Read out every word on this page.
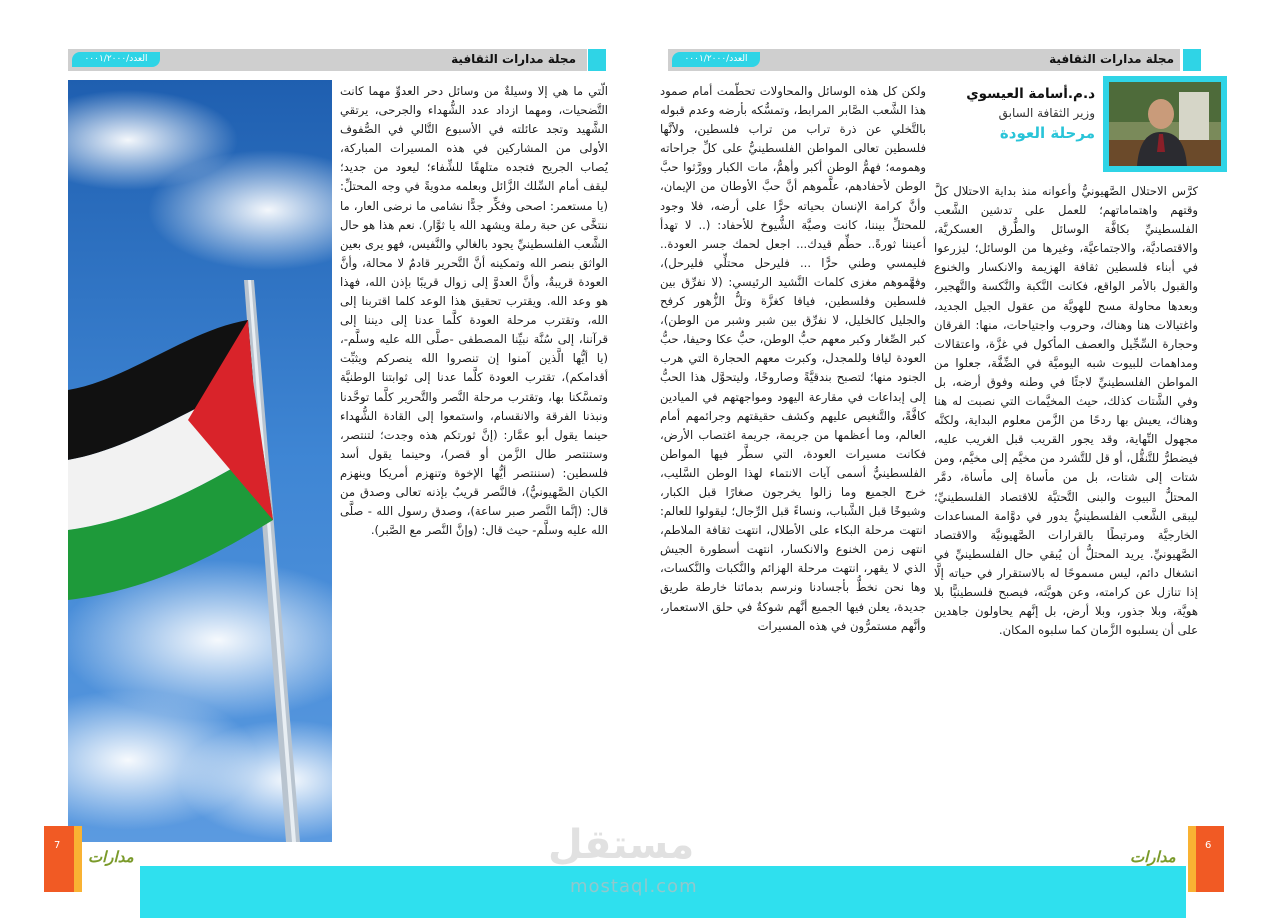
مجلة مدارات الثقافية
العدد/٠٠٠١/٢٠٠٠	مجلة مدارات الثقافية
العدد/٠٠٠١/٢٠٠٠

الَّتي ما هي إلا وسيلةٌ من وسائل دحر العدوِّ مهما كانت التَّضحيات، ومهما ازداد عدد الشُّهداء والجرحى، يرتقي الشَّهيد وتجد عائلته في الأسبوع التَّالي في الصُّفوف الأولى من المشاركين في هذه المسيرات المباركة، يُصاب الجريح فتجده متلهفًا للشِّفاء؛ ليعود من جديد؛ ليقف أمام السِّلك الزَّائل وبعلمه مدويةً في وجه المحتلِّ: (يا مستعمر: اصحى وفكِّر جدًّا نشامى ما نرضى العار، ما ننتخَّى عن حبة رملة ويشهد الله يا ثوَّار). نعم هذا هو حال الشَّعب الفلسطينيِّ يجود بالغالي والنَّفيس، فهو يرى بعين الواثق بنصر الله وتمكينه أنَّ التَّحرير قادمٌ لا محالة، وأنَّ العودة قريبةٌ، وأنَّ العدوَّ إلى زوال قريبًا بإذن الله، فهذا هو وعد الله. ويقترب تحقيق هذا الوعد كلما اقتربنا إلى الله، وتقترب مرحلة العودة كلَّما عدنا إلى ديننا إلى قرآننا، إلى سُنَّة نبيِّنا المصطفى -صلَّى الله عليه وسلَّم-، (يا أيُّها الَّذين آمنوا إن تنصروا الله ينصركم ويثبِّت أقدامكم)، تقترب العودة كلَّما عدنا إلى ثوابتنا الوطنيَّة وتمسَّكنا بها، وتقترب مرحلة النَّصر والتَّحرير كلَّما توحَّدنا ونبذنا الفرقة والانقسام، واستمعوا إلى القادة الشُّهداء حينما يقول أبو عمَّار: (إنَّ ثورتكم هذه وجدت؛ لتنتصر، وستنتصر طال الزَّمن أو قصر)، وحينما يقول أسد فلسطين: (سننتصر أيُّها الإخوة وتنهزم أمريكا وينهزم الكيان الصَّهيونيُّ)، فالنَّصر قريبٌ بإذنه تعالى وصدق من قال: (إنَّما النَّصر صبر ساعة)، وصدق رسول الله - صلَّى الله عليه وسلَّم- حيث قال: (وإنَّ النَّصر مع الصَّبر).

د.م.أسامة العيسوي
وزير الثقافة السابق
مرحلة العودة

كرَّس الاحتلال الصَّهيونيُّ وأعوانه منذ بداية الاحتلال كلَّ وقتهم واهتماماتهم؛ للعمل على تدشين الشَّعب الفلسطينيِّ بكافَّة الوسائل والطُّرق العسكريَّة، والاقتصاديَّة، والاجتماعيَّة، وغيرها من الوسائل؛ ليزرعوا في أبناء فلسطين ثقافة الهزيمة والانكسار والخنوع والقبول بالأمر الواقع، فكانت النَّكبة والنَّكسة والتَّهجير، وبعدها محاولة مسح للهويَّة من عقول الجيل الجديد، واغتيالات هنا وهناك، وحروب واجتياحات، منها: الفرقان وحجارة السِّجِّيل والعصف المأكول في غزَّة، واعتقالات ومداهمات للبيوت شبه اليوميَّة في الضِّفَّة، جعلوا من المواطن الفلسطينيِّ لاجئًا في وطنه وفوق أرضه، بل وفي الشَّتات كذلك، حيث المخيَّمات التي نصبت له هنا وهناك، يعيش بها ردحًا من الزَّمن معلوم البداية، ولكنَّه مجهول النِّهاية، وقد يجور القريب قبل الغريب عليه، فيضطرُّ للتَّنقُّل، أو قل للتَّشرد من مخيَّم إلى مخيَّم، ومن شتات إلى شتات، بل من مأساة إلى مأساة، دمَّر المحتلُّ البيوت والبنى التَّحتيَّة للاقتصاد الفلسطينيِّ؛ ليبقى الشَّعب الفلسطينيُّ يدور في دوَّامة المساعدات الخارجيَّة ومرتبطًا بالقرارات الصَّهيونيَّة والاقتصاد الصَّهيونيِّ. يريد المحتلُّ أن يُبقي حال الفلسطينيِّ في انشغال دائم، ليس مسموحًا له بالاستقرار في حياته إلَّا إذا تنازل عن كرامته، وعن هويَّته، فيصبح فلسطينيًّا بلا هويَّة، وبلا جذور، وبلا أرض، بل إنَّهم يحاولون جاهدين على أن يسلبوه الزَّمان كما سلبوه المكان.

ولكن كل هذه الوسائل والمحاولات تحطَّمت أمام صمود هذا الشَّعب الصَّابر المرابط، وتمسُّكه بأرضه وعدم قبوله بالتَّخلي عن ذرة تراب من تراب فلسطين، ولأنَّها فلسطين تعالى المواطن الفلسطينيُّ على كلِّ جراحاته وهمومه؛ فهمُّ الوطن أكبر وأهمُّ، مات الكبار وورَّثوا حبَّ الوطن لأحفادهم، علَّموهم أنَّ حبَّ الأوطان من الإيمان، وأنَّ كرامة الإنسان بحياته حرًّا على أرضه، فلا وجود للمحتلِّ بيننا، كانت وصيَّة الشُّيوخ للأحفاد: (.. لا تهدأ أعيننا ثورةً.. حطِّم قيدك... اجعل لحمك جسر العودة.. فليمسي وطني حرًّا ... فليرحل محتلِّي فليرحل)، وفهَّموهم مغزى كلمات النَّشيد الرئيسي: (لا نفرِّق بين فلسطين وفلسطين، فيافا كغزَّة وتلُّ الزُّهور كرفح والجليل كالخليل، لا نفرِّق بين شبر وشبر من الوطن)، كبر الصِّغار وكبر معهم حبُّ الوطن، حبُّ عكا وحيفا، حبُّ العودة ليافا وللمجدل، وكبرت معهم الحجارة التي هرب الجنود منها؛ لتصبح بندقيَّةً وصاروخًا، وليتحوَّل هذا الحبُّ إلى إبداعات في مقارعة اليهود ومواجهتهم في الميادين كافَّةً، والتَّنغيص عليهم وكشف حقيقتهم وجرائمهم أمام العالم، وما أعظمها من جريمة، جريمة اغتصاب الأرض، فكانت مسيرات العودة، التي سطَّر فيها المواطن الفلسطينيُّ أسمى آيات الانتماء لهذا الوطن السَّليب، خرج الجميع وما زالوا يخرجون صغارًا قبل الكبار، وشيوخًا قبل الشَّباب، ونساءً قبل الرِّجال؛ ليقولوا للعالم: انتهت مرحلة البكاء على الأطلال، انتهت ثقافة الملاطم، انتهى زمن الخنوع والانكسار، انتهت أسطورة الجيش الذي لا يقهر، انتهت مرحلة الهزائم والنَّكبات والنَّكسات، وها نحن نخطُّ بأجسادنا ونرسم بدمائنا خارطة طريق جديدة، يعلن فيها الجميع أنَّهم شوكةٌ في حلق الاستعمار، وأنَّهم مستمرُّون في هذه المسيرات

7	6
مدارات	مدارات
مستقل
mostaql.com
